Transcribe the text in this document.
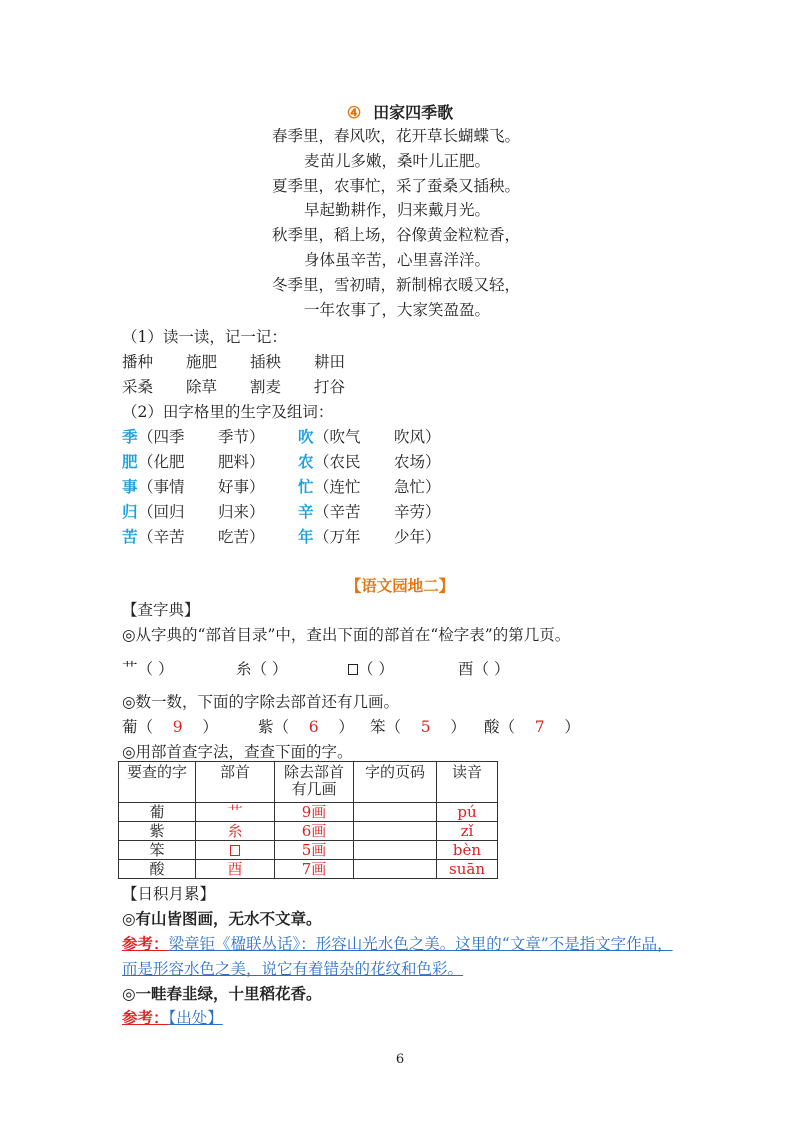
④ 田家四季歌
春季里，春风吹，花开草长蝴蝶飞。
麦苗儿多嫩，桑叶儿正肥。
夏季里，农事忙，采了蚕桑又插秧。
早起勤耕作，归来戴月光。
秋季里，稻上场，谷像黄金粒粒香，
身体虽辛苦，心里喜洋洋。
冬季里，雪初晴，新制棉衣暖又轻，
一年农事了，大家笑盈盈。
（1）读一读，记一记：
播种 施肥 插秧 耕田
采桑 除草 割麦 打谷
（2）田字格里的生字及组词：
季 （四季 季节） 吹 （吹气 吹风）
肥 （化肥 肥料） 农 （农民 农场）
事 （事情 好事） 忙 （连忙 急忙）
归 （回归 归来） 辛 （辛苦 辛劳）
苦 （辛苦 吃苦） 年 （万年 少年）
【语文园地二】
【查字典】
◎从字典的“部首目录”中，查出下面的部首在“检字表”的第几页。
艹（ ）	糸（ ）	（ ）	酉（ ）
◎数一数，下面的字除去部首还有几画。
葡（    9    ）	紫（    6    ） 笨（    5    ） 酸（    7    ）
◎用部首查字法，查查下面的字。
要查的字	部首	除去部首
有几画	字的页码	读音
葡	艹	9画		pú
紫	糸	6画		zǐ
笨		5画		bèn
酸	酉	7画		suān
【日积月累】
◎有山皆图画，无水不文章。
参考：梁章钜《楹联丛话》：形容山光水色之美。这里的“文章”不是指文字作品，
而是形容水色之美，说它有着错杂的花纹和色彩。
◎一畦春韭绿，十里稻花香。
参考：【出处】
6
